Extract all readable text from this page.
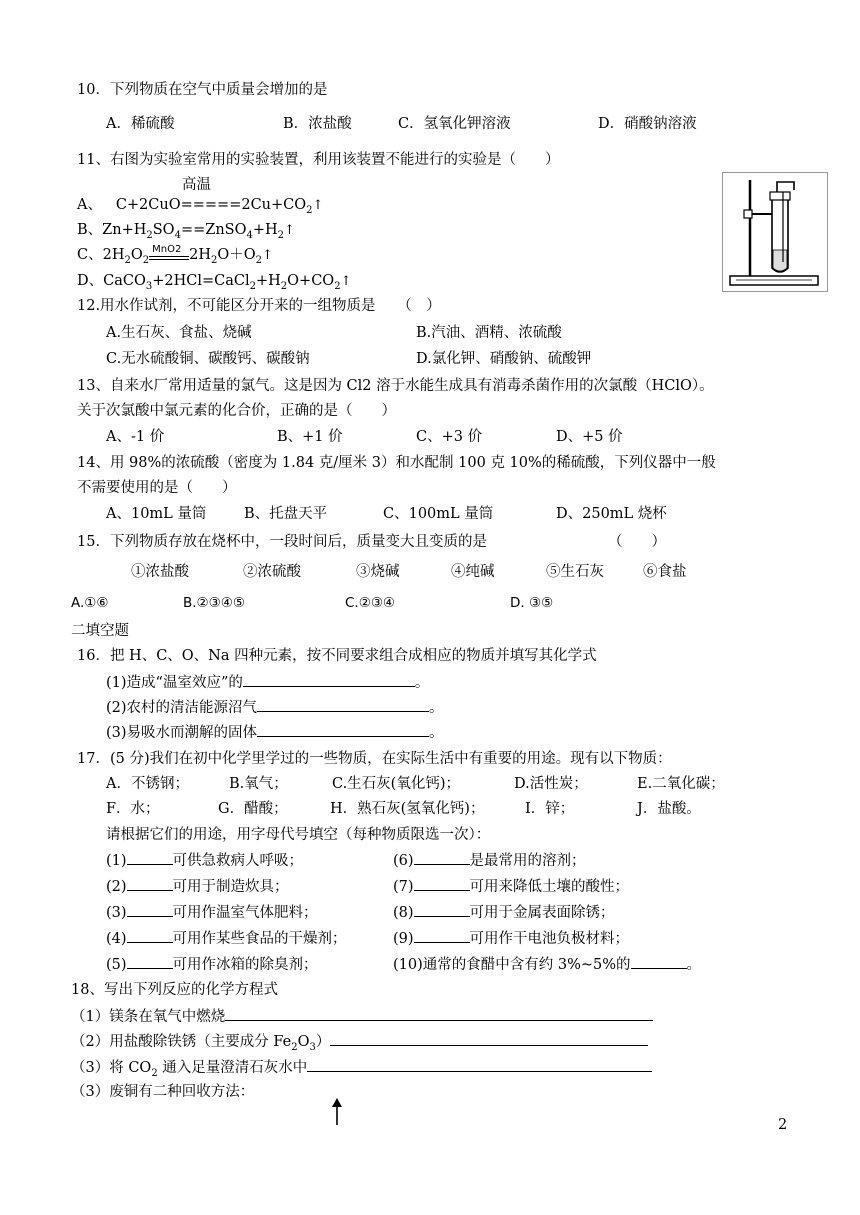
10．下列物质在空气中质量会增加的是
A．稀硫酸	B．浓盐酸	C．氢氧化钾溶液	D．硝酸钠溶液
11、右图为实验室常用的实验装置，利用该装置不能进行的实验是（　　）
高温
A、 $C+2CuO=====2Cu+CO_2↑$
B、$Zn+H_2SO_4==ZnSO_4+H_2↑$
C、$2H_2O_2$
MnO2 $2H_2O+O_2↑$
D、$CaCO_3+2HCl=CaCl_2+H_2O+CO_2↑$
12.用水作试剂，不可能区分开来的一组物质是　　（　）
A.生石灰、食盐、烧碱	B.汽油、酒精、浓硫酸
C.无水硫酸铜、碳酸钙、碳酸钠	D.氯化钾、硝酸钠、硫酸钾
13、自来水厂常用适量的氯气。这是因为 Cl2 溶于水能生成具有消毒杀菌作用的次氯酸（HClO）。
关于次氯酸中氯元素的化合价，正确的是（　　）
A、-1 价	B、+1 价	C、+3 价	D、+5 价
14、用 98%的浓硫酸（密度为 1.84 克/厘米 3）和水配制 100 克 10%的稀硫酸，下列仪器中一般
不需要使用的是（　　）
A、10mL 量筒	B、托盘天平	C、100mL 量筒	D、250mL 烧杯
15．下列物质存放在烧杯中，一段时间后，质量变大且变质的是	（　　）
①浓盐酸	②浓硫酸	③烧碱	④纯碱	⑤生石灰	⑥食盐
A.①⑥	B.②③④⑤	C.②③④	D. ③⑤
二填空题
16．把 H、C、O、Na 四种元素，按不同要求组合成相应的物质并填写其化学式
(1)造成“温室效应”的	。
(2)农村的清洁能源沼气	。
(3)易吸水而潮解的固体	。
17．(5 分)我们在初中化学里学过的一些物质，在实际生活中有重要的用途。现有以下物质：
A．不锈钢；	B.氧气；	C.生石灰(氧化钙)；	D.活性炭；	E.二氧化碳；
F．水；	G．醋酸；	H．熟石灰(氢氧化钙)；	I．锌；	J．盐酸。
请根据它们的用途，用字母代号填空（每种物质限选一次）：
(1)	可供急救病人呼吸；
(2)	可用于制造炊具；
(3)	可用作温室气体肥料；
(4)	可用作某些食品的干燥剂；
(5)	可用作冰箱的除臭剂；
(6)	是最常用的溶剂；
(7)	可用来降低土壤的酸性；
(8)	可用于金属表面除锈；
(9)	可用作干电池负极材料；
(10)通常的食醋中含有约 3%~5%的	。
18、写出下列反应的化学方程式
（1）镁条在氧气中燃烧
（2）用盐酸除铁锈（主要成分 $Fe_2O_3$）
（3）将 $CO_2$ 通入足量澄清石灰水中
（3）废铜有二种回收方法：
2
